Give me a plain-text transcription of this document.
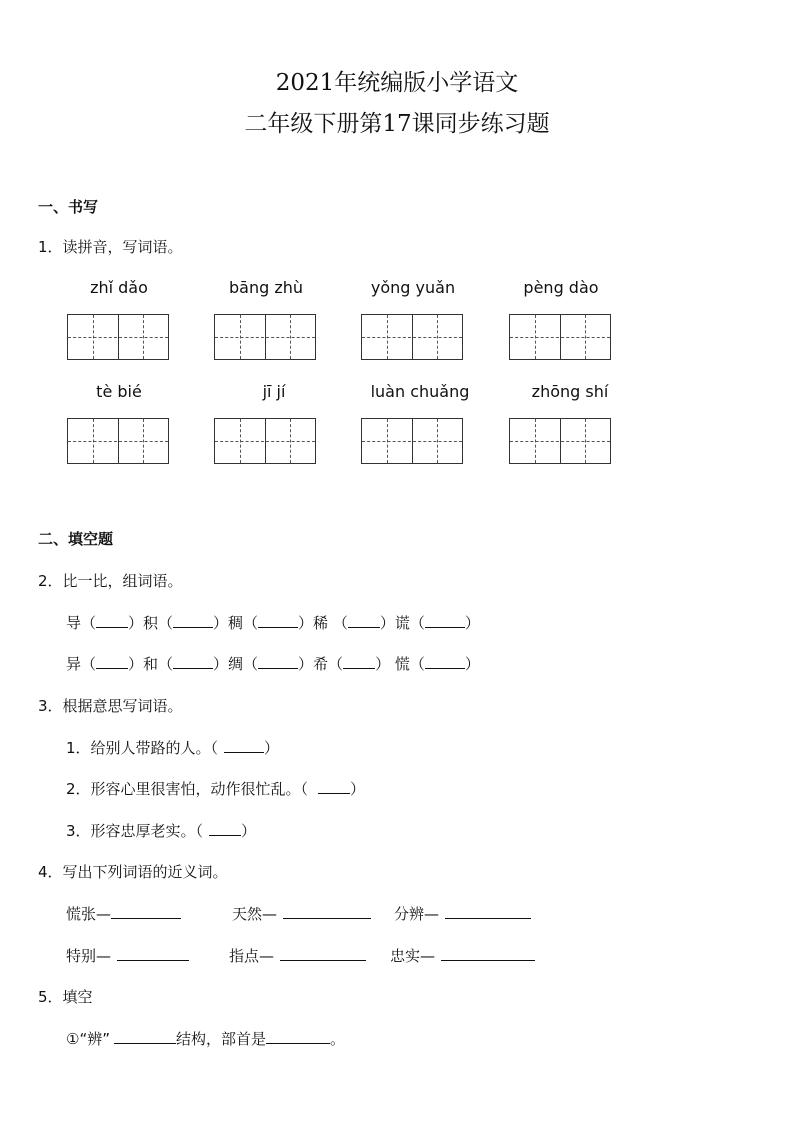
2021年统编版小学语文
二年级下册第17课同步练习题
一、书写
1．读拼音，写词语。
zhǐ dǎo	bāng zhù	yǒng yuǎn	pèng dào
tè bié	jī jí	luàn chuǎng	zhōng shí
二、填空题
2．比一比，组词语。
导（ ）积（	）稠（	）稀 （ ）谎（	）
异（ ）和（	）绸（	）希（ ） 慌（	）
3．根据意思写词语。
1．给别人带路的人。（	）
2．形容心里很害怕，动作很忙乱。（	）
3．形容忠厚老实。（	）
4．写出下列词语的近义词。
慌张—	天然—	分辨—
特别—	指点—	忠实—
5．填空
①“辨”	结构，部首是	。
